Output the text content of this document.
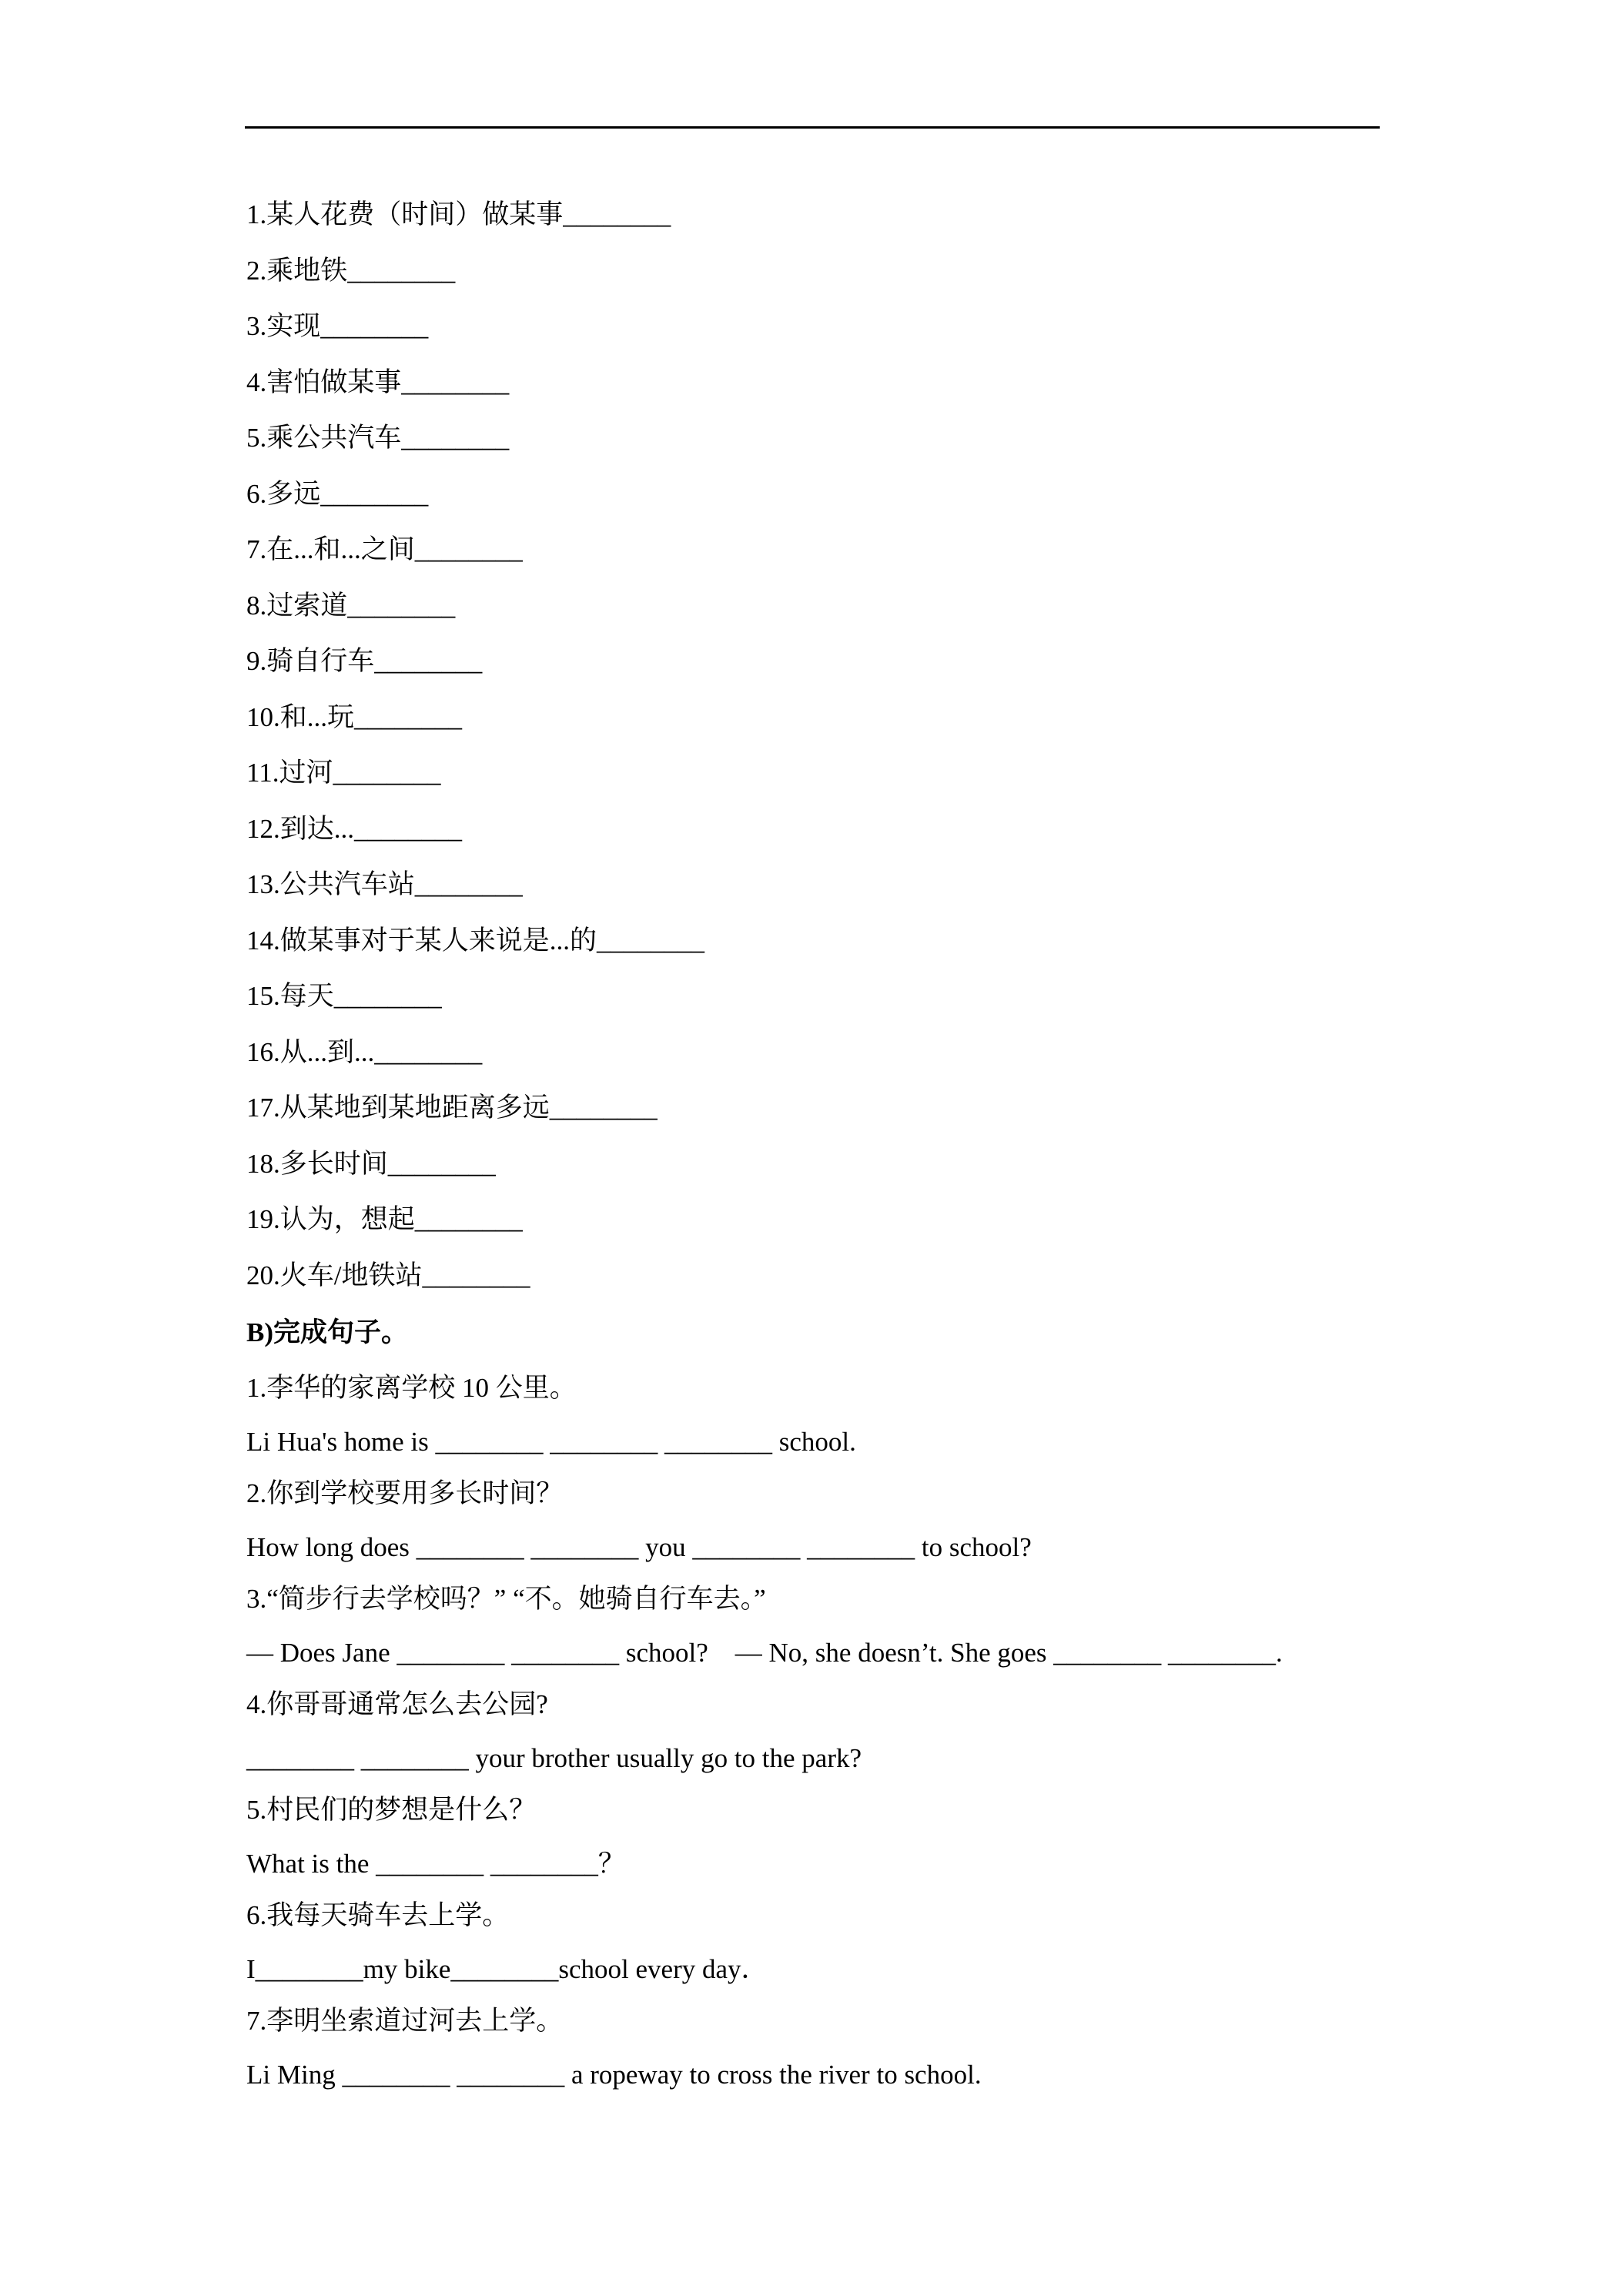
1.某人花费（时间）做某事________
2.乘地铁________
3.实现________
4.害怕做某事________
5.乘公共汽车________
6.多远________
7.在...和...之间________
8.过索道________
9.骑自行车________
10.和...玩________
11.过河________
12.到达...________
13.公共汽车站________
14.做某事对于某人来说是...的________
15.每天________
16.从...到...________
17.从某地到某地距离多远________
18.多长时间________
19.认为，想起________
20.火车/地铁站________
B)完成句子。
1.李华的家离学校 10 公里。
Li Hua's home is ________ ________ ________ school.
2.你到学校要用多长时间？
How long does ________ ________ you ________ ________ to school?
3.“简步行去学校吗？” “不。她骑自行车去。”
— Does Jane ________ ________ school?    — No, she doesn’t. She goes ________ ________.
4.你哥哥通常怎么去公园?
________ ________ your brother usually go to the park?
5.村民们的梦想是什么？
What is the ________ ________？
6.我每天骑车去上学。
I________my bike________school every day．
7.李明坐索道过河去上学。
Li Ming ________ ________ a ropeway to cross the river to school.
